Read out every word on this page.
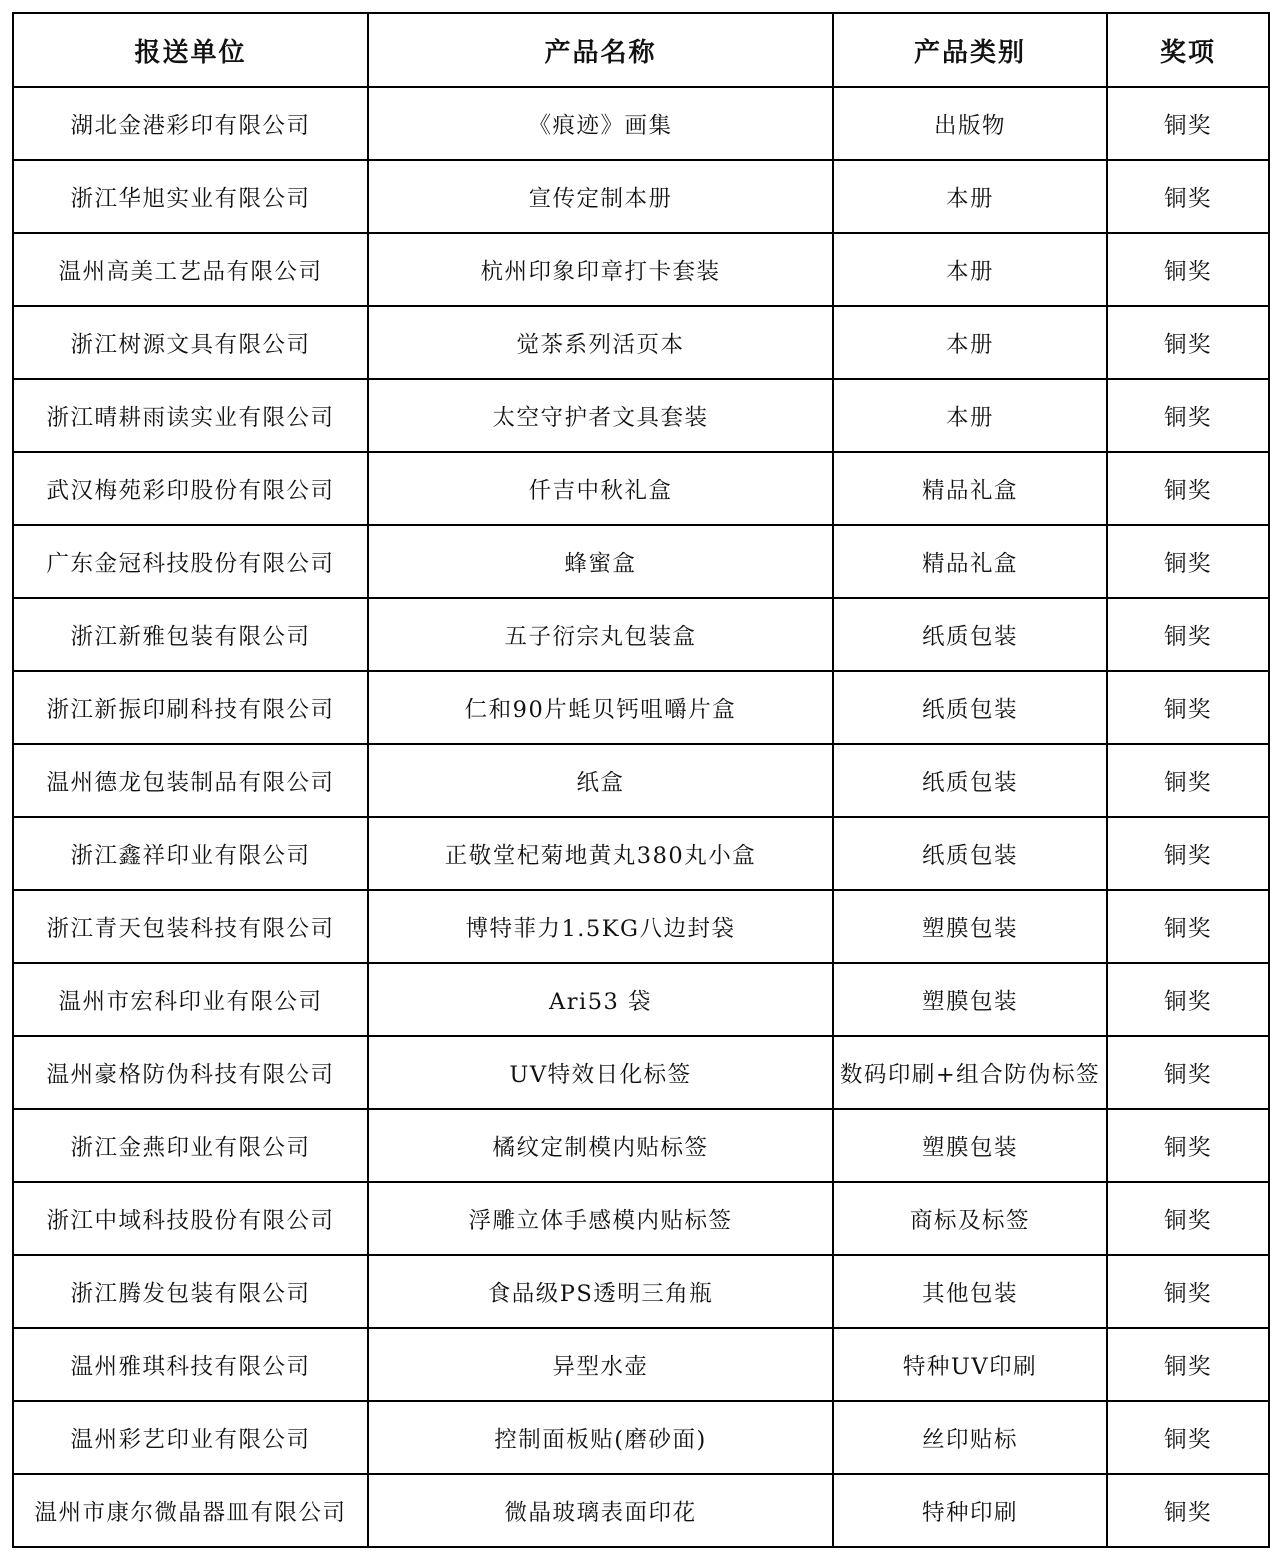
报送单位	产品名称	产品类别	奖项
湖北金港彩印有限公司	《痕迹》画集	出版物	铜奖
浙江华旭实业有限公司	宣传定制本册	本册	铜奖
温州高美工艺品有限公司	杭州印象印章打卡套装	本册	铜奖
浙江树源文具有限公司	觉茶系列活页本	本册	铜奖
浙江晴耕雨读实业有限公司	太空守护者文具套装	本册	铜奖
武汉梅苑彩印股份有限公司	仟吉中秋礼盒	精品礼盒	铜奖
广东金冠科技股份有限公司	蜂蜜盒	精品礼盒	铜奖
浙江新雅包装有限公司	五子衍宗丸包装盒	纸质包装	铜奖
浙江新振印刷科技有限公司	仁和90片蚝贝钙咀嚼片盒	纸质包装	铜奖
温州德龙包装制品有限公司	纸盒	纸质包装	铜奖
浙江鑫祥印业有限公司	正敬堂杞菊地黄丸380丸小盒	纸质包装	铜奖
浙江青天包装科技有限公司	博特菲力1.5KG八边封袋	塑膜包装	铜奖
温州市宏科印业有限公司	Ari53 袋	塑膜包装	铜奖
温州豪格防伪科技有限公司	UV特效日化标签	数码印刷+组合防伪标签	铜奖
浙江金燕印业有限公司	橘纹定制模内贴标签	塑膜包装	铜奖
浙江中域科技股份有限公司	浮雕立体手感模内贴标签	商标及标签	铜奖
浙江腾发包装有限公司	食品级PS透明三角瓶	其他包装	铜奖
温州雅琪科技有限公司	异型水壶	特种UV印刷	铜奖
温州彩艺印业有限公司	控制面板贴(磨砂面)	丝印贴标	铜奖
温州市康尔微晶器皿有限公司	微晶玻璃表面印花	特种印刷	铜奖
